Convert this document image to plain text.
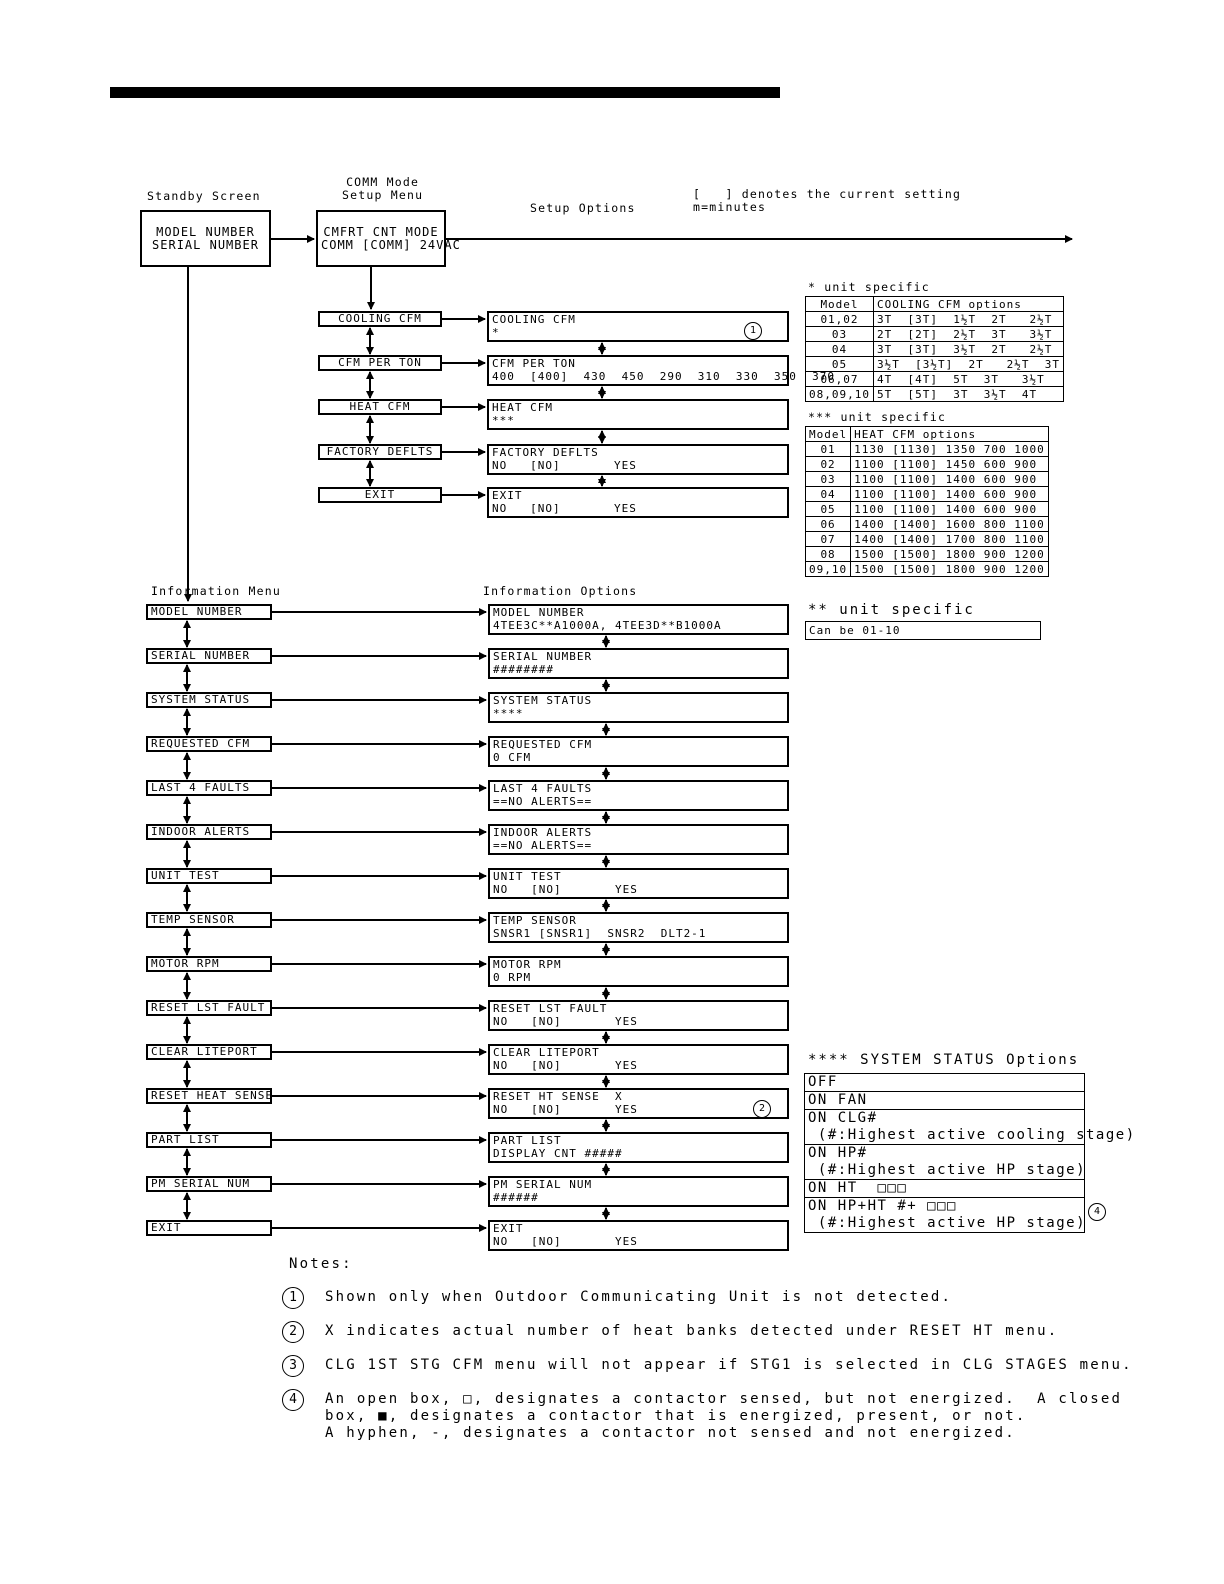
Standby Screen
COMM Mode
Setup Menu
Setup Options
[   ] denotes the current setting
m=minutes
MODEL NUMBER
SERIAL NUMBER
CMFRT CNT MODE
COMM [COMM] 24VAC
COOLING CFM	COOLING CFM
*
CFM PER TON	CFM PER TON
400  [400]  430  450  290  310  330  350  370
HEAT CFM	HEAT CFM
***
FACTORY DEFLTS	FACTORY DEFLTS
NO   [NO]       YES
EXIT	EXIT
NO   [NO]       YES
Information Menu	Information Options
MODEL NUMBER	MODEL NUMBER
4TEE3C**A1000A, 4TEE3D**B1000A
SERIAL NUMBER	SERIAL NUMBER
########
SYSTEM STATUS	SYSTEM STATUS
****
REQUESTED CFM	REQUESTED CFM
0 CFM
LAST 4 FAULTS	LAST 4 FAULTS
==NO ALERTS==
INDOOR ALERTS	INDOOR ALERTS
==NO ALERTS==
UNIT TEST	UNIT TEST
NO   [NO]       YES
TEMP SENSOR	TEMP SENSOR
SNSR1 [SNSR1]  SNSR2  DLT2-1
MOTOR RPM	MOTOR RPM
0 RPM
RESET LST FAULT	RESET LST FAULT
NO   [NO]       YES
CLEAR LITEPORT	CLEAR LITEPORT
NO   [NO]       YES
RESET HEAT SENSE	RESET HT SENSE  X
NO   [NO]       YES
PART LIST	PART LIST
DISPLAY CNT #####
PM SERIAL NUM	PM SERIAL NUM
######
EXIT	EXIT
NO   [NO]       YES
1
2
* unit specific
Model	COOLING CFM options
01,02	3T  [3T]  1½T  2T   2½T
03	2T  [2T]  2½T  3T   3½T
04	3T  [3T]  3½T  2T   2½T
05	3½T  [3½T]  2T   2½T  3T
06,07	4T  [4T]  5T  3T   3½T
08,09,10	5T  [5T]  3T  3½T  4T
*** unit specific
Model	HEAT CFM options
01	1130 [1130] 1350 700 1000
02	1100 [1100] 1450 600 900
03	1100 [1100] 1400 600 900
04	1100 [1100] 1400 600 900
05	1100 [1100] 1400 600 900
06	1400 [1400] 1600 800 1100
07	1400 [1400] 1700 800 1100
08	1500 [1500] 1800 900 1200
09,10	1500 [1500] 1800 900 1200
** unit specific
Can be 01-10
**** SYSTEM STATUS Options
OFF
ON FAN
ON CLG#
(#:Highest active cooling stage)
ON HP#
(#:Highest active HP stage)
ON HT  □□□
ON HP+HT #+ □□□
(#:Highest active HP stage)
4
Notes:
1	Shown only when Outdoor Communicating Unit is not detected.
2	X indicates actual number of heat banks detected under RESET HT menu.
3	CLG 1ST STG CFM menu will not appear if STG1 is selected in CLG STAGES menu.
4	An open box, □, designates a contactor sensed, but not energized.  A closed
box, ■, designates a contactor that is energized, present, or not.
A hyphen, -, designates a contactor not sensed and not energized.
